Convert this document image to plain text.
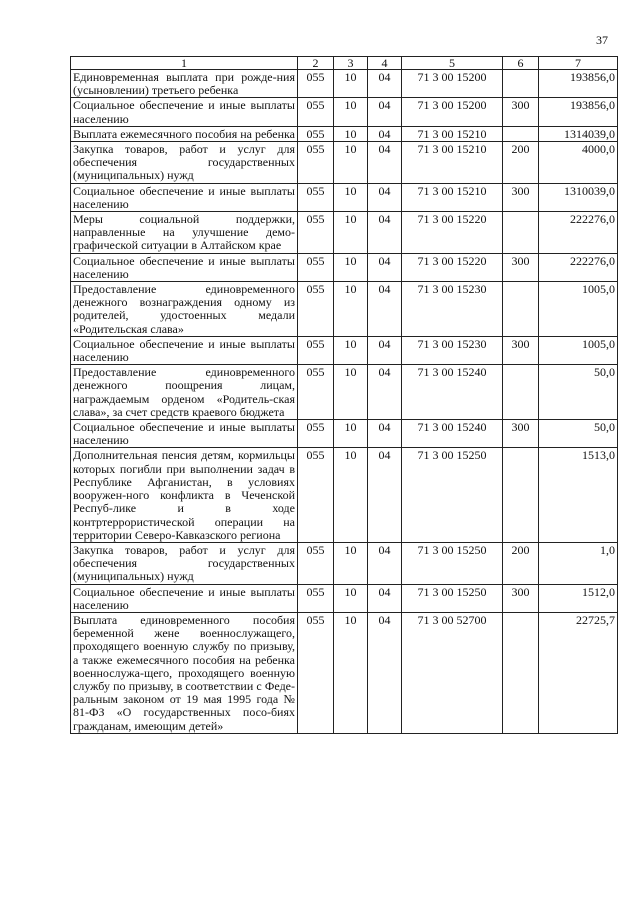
37
1	2	3	4	5	6	7
Единовременная выплата при рожде-ния (усыновлении) третьего ребенка	055	10	04	71 3 00 15200		193856,0
Социальное обеспечение и иные выплаты населению	055	10	04	71 3 00 15200	300	193856,0
Выплата ежемесячного пособия на ребенка	055	10	04	71 3 00 15210		1314039,0
Закупка товаров, работ и услуг для обеспечения государственных (муниципальных) нужд	055	10	04	71 3 00 15210	200	4000,0
Социальное обеспечение и иные выплаты населению	055	10	04	71 3 00 15210	300	1310039,0
Меры социальной поддержки, направленные на улучшение демо-графической ситуации в Алтайском крае	055	10	04	71 3 00 15220		222276,0
Социальное обеспечение и иные выплаты населению	055	10	04	71 3 00 15220	300	222276,0
Предоставление единовременного денежного вознаграждения одному из родителей, удостоенных медали «Родительская слава»	055	10	04	71 3 00 15230		1005,0
Социальное обеспечение и иные выплаты населению	055	10	04	71 3 00 15230	300	1005,0
Предоставление единовременного денежного поощрения лицам, награждаемым орденом «Родитель-ская слава», за счет средств краевого бюджета	055	10	04	71 3 00 15240		50,0
Социальное обеспечение и иные выплаты населению	055	10	04	71 3 00 15240	300	50,0
Дополнительная пенсия детям, кормильцы которых погибли при выполнении задач в Республике Афганистан, в условиях вооружен-ного конфликта в Чеченской Респуб-лике и в ходе контртеррористической операции на территории Северо-Кавказского региона	055	10	04	71 3 00 15250		1513,0
Закупка товаров, работ и услуг для обеспечения государственных (муниципальных) нужд	055	10	04	71 3 00 15250	200	1,0
Социальное обеспечение и иные выплаты населению	055	10	04	71 3 00 15250	300	1512,0
Выплата единовременного пособия беременной жене военнослужащего, проходящего военную службу по призыву, а также ежемесячного пособия на ребенка военнослужа-щего, проходящего военную службу по призыву, в соответствии с Феде-ральным законом от 19 мая 1995 года № 81-ФЗ «О государственных посо-биях гражданам, имеющим детей»	055	10	04	71 3 00 52700		22725,7
